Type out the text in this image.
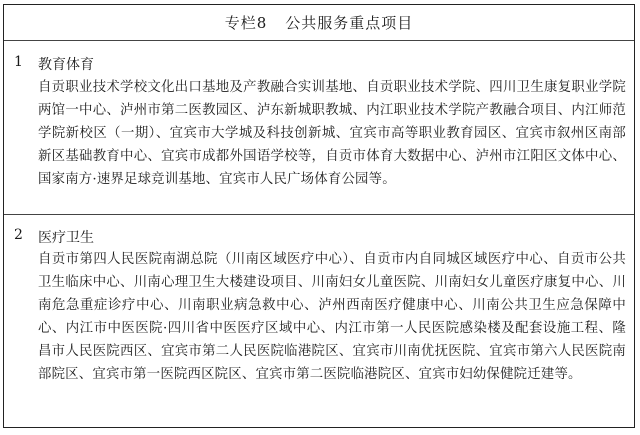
专栏8 公共服务重点项目
1 教育体育
自贡职业技术学校文化出口基地及产教融合实训基地、自贡职业技术学院、四川卫生康复职业学院两馆一中心、泸州市第二医教园区、泸东新城职教城、内江职业技术学院产教融合项目、内江师范学院新校区（一期）、宜宾市大学城及科技创新城、宜宾市高等职业教育园区、宜宾市叙州区南部新区基础教育中心、宜宾市成都外国语学校等，自贡市体育大数据中心、泸州市江阳区文体中心、国家南方·速界足球竞训基地、宜宾市人民广场体育公园等。
2 医疗卫生
自贡市第四人民医院南湖总院（川南区域医疗中心）、自贡市内自同城区域医疗中心、自贡市公共卫生临床中心、川南心理卫生大楼建设项目、川南妇女儿童医院、川南妇女儿童医疗康复中心、川南危急重症诊疗中心、川南职业病急救中心、泸州西南医疗健康中心、川南公共卫生应急保障中心、内江市中医医院·四川省中医医疗区域中心、内江市第一人民医院感染楼及配套设施工程、隆昌市人民医院西区、宜宾市第二人民医院临港院区、宜宾市川南优抚医院、宜宾市第六人民医院南部院区、宜宾市第一医院西区院区、宜宾市第二医院临港院区、宜宾市妇幼保健院迁建等。
